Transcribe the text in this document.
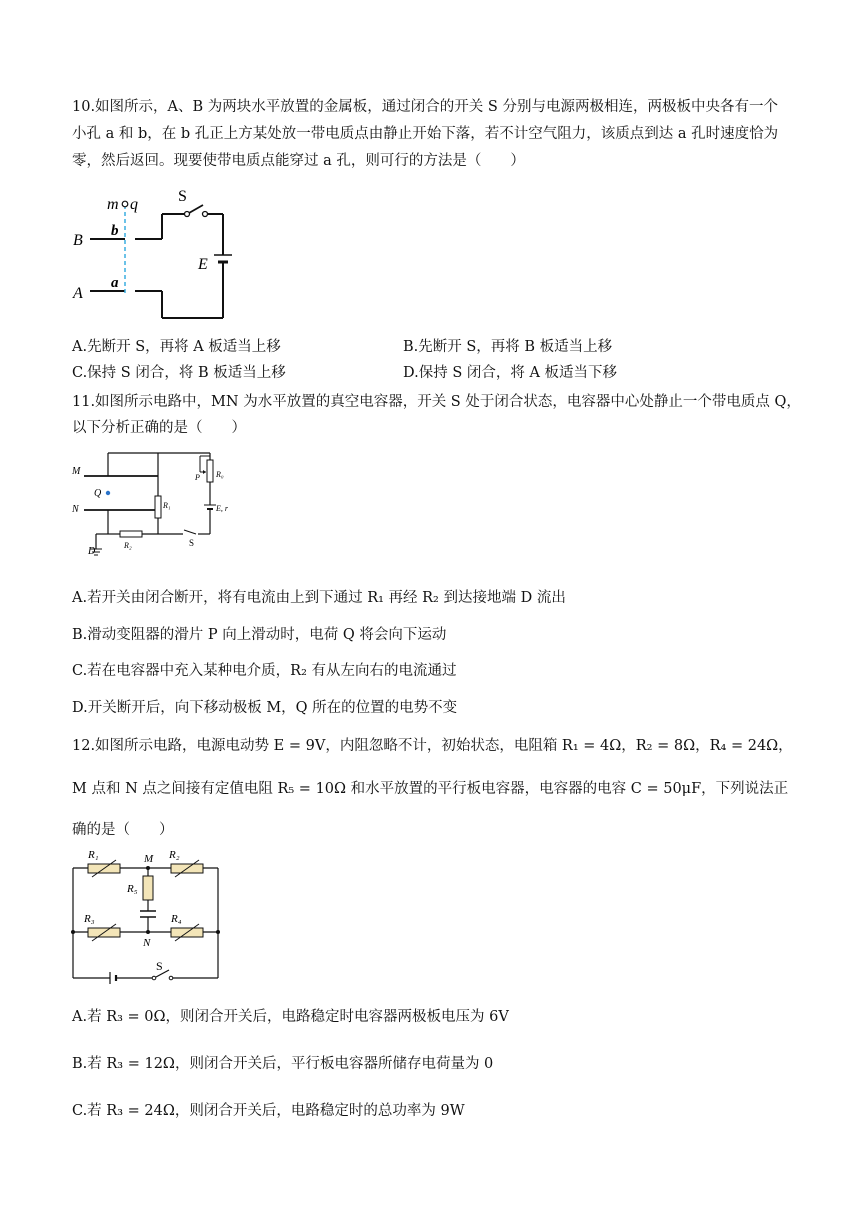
10.如图所示，A、B 为两块水平放置的金属板，通过闭合的开关 S 分别与电源两极相连，两极板中央各有一个
小孔 a 和 b，在 b 孔正上方某处放一带电质点由静止开始下落，若不计空气阻力，该质点到达 a 孔时速度恰为
零，然后返回。现要使带电质点能穿过 a 孔，则可行的方法是（　　）
m q	S
B
b
E
A
a
A.先断开 S，再将 A 板适当上移	B.先断开 S，再将 B 板适当上移
C.保持 S 闭合，将 B 板适当上移	D.保持 S 闭合，将 A 板适当下移
11.如图所示电路中，MN 为水平放置的真空电容器，开关 S 处于闭合状态，电容器中心处静止一个带电质点 Q，
以下分析正确的是（　　）
M
N
Q
D
R₁
R₂
R₀
P
E, r
S
A.若开关由闭合断开，将有电流由上到下通过 R₁ 再经 R₂ 到达接地端 D 流出
B.滑动变阻器的滑片 P 向上滑动时，电荷 Q 将会向下运动
C.若在电容器中充入某种电介质，R₂ 有从左向右的电流通过
D.开关断开后，向下移动极板 M，Q 所在的位置的电势不变
12.如图所示电路，电源电动势 E = 9V，内阻忽略不计，初始状态，电阻箱 R₁ = 4Ω，R₂ = 8Ω，R₄ = 24Ω，
M 点和 N 点之间接有定值电阻 R₅ = 10Ω 和水平放置的平行板电容器，电容器的电容 C = 50μF，下列说法正
确的是（　　）
R₁	M R₂
R₅
R₃	R₄
N
S
A.若 R₃ = 0Ω，则闭合开关后，电路稳定时电容器两极板电压为 6V
B.若 R₃ = 12Ω，则闭合开关后，平行板电容器所储存电荷量为 0
C.若 R₃ = 24Ω，则闭合开关后，电路稳定时的总功率为 9W
